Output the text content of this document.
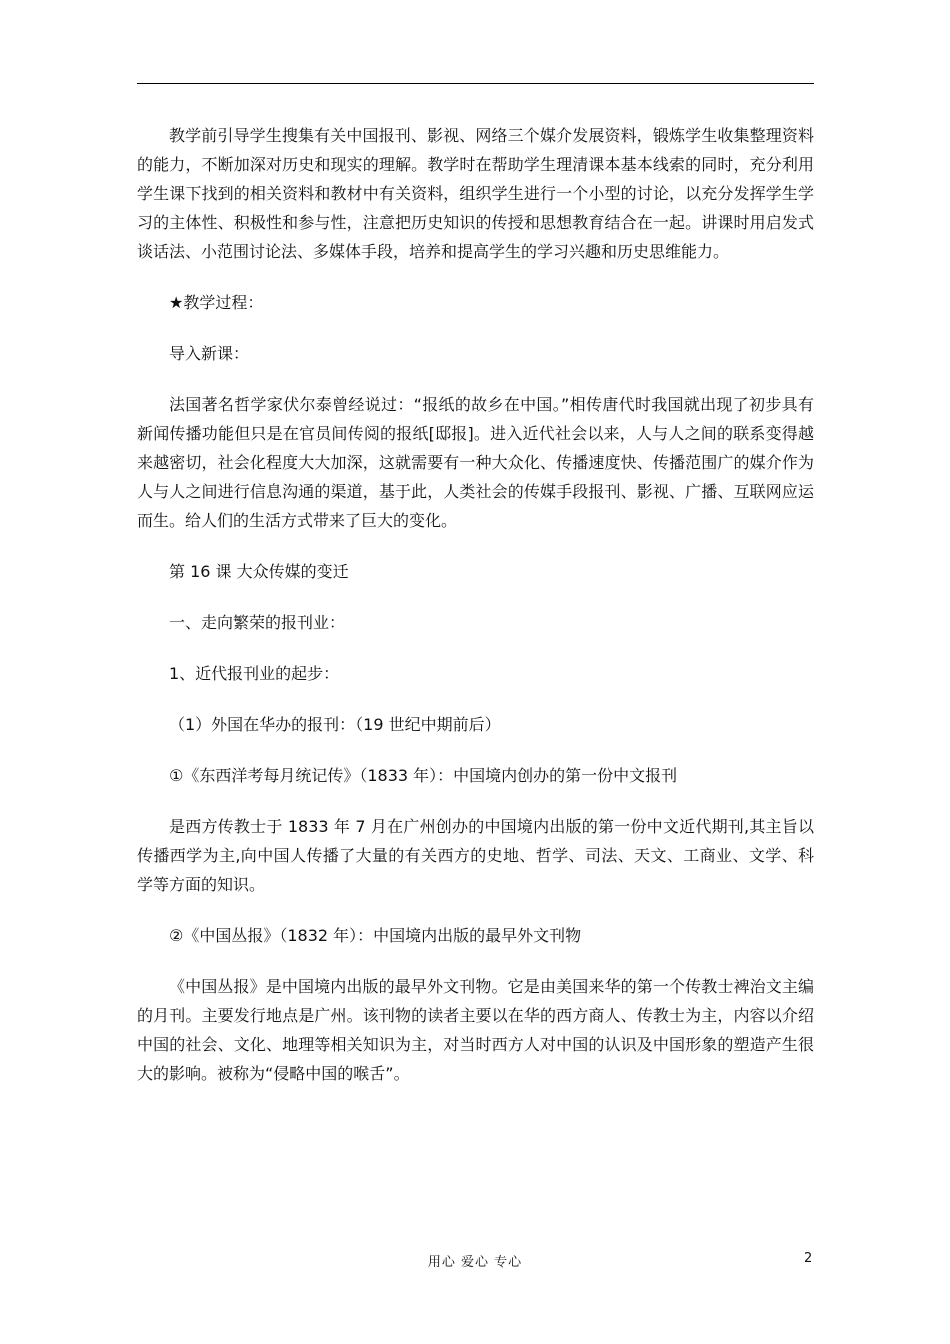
教学前引导学生搜集有关中国报刊、影视、网络三个媒介发展资料，锻炼学生收集整理资料的能力，不断加深对历史和现实的理解。教学时在帮助学生理清课本基本线索的同时，充分利用学生课下找到的相关资料和教材中有关资料，组织学生进行一个小型的讨论，以充分发挥学生学习的主体性、积极性和参与性，注意把历史知识的传授和思想教育结合在一起。讲课时用启发式谈话法、小范围讨论法、多媒体手段，培养和提高学生的学习兴趣和历史思维能力。

★教学过程：

导入新课：

法国著名哲学家伏尔泰曾经说过：“报纸的故乡在中国。”相传唐代时我国就出现了初步具有新闻传播功能但只是在官员间传阅的报纸[邸报]。进入近代社会以来，人与人之间的联系变得越来越密切，社会化程度大大加深，这就需要有一种大众化、传播速度快、传播范围广的媒介作为人与人之间进行信息沟通的渠道，基于此，人类社会的传媒手段报刊、影视、广播、互联网应运而生。给人们的生活方式带来了巨大的变化。

第 16 课 大众传媒的变迁

一、走向繁荣的报刊业：

1、近代报刊业的起步：

（1）外国在华办的报刊：（19 世纪中期前后）

①《东西洋考每月统记传》（1833 年）：中国境内创办的第一份中文报刊

是西方传教士于 1833 年 7 月在广州创办的中国境内出版的第一份中文近代期刊,其主旨以传播西学为主,向中国人传播了大量的有关西方的史地、哲学、司法、天文、工商业、文学、科学等方面的知识。

②《中国丛报》（1832 年）：中国境内出版的最早外文刊物

《中国丛报》是中国境内出版的最早外文刊物。它是由美国来华的第一个传教士裨治文主编的月刊。主要发行地点是广州。该刊物的读者主要以在华的西方商人、传教士为主，内容以介绍中国的社会、文化、地理等相关知识为主，对当时西方人对中国的认识及中国形象的塑造产生很大的影响。被称为“侵略中国的喉舌”。

用心 爱心 专心	2
